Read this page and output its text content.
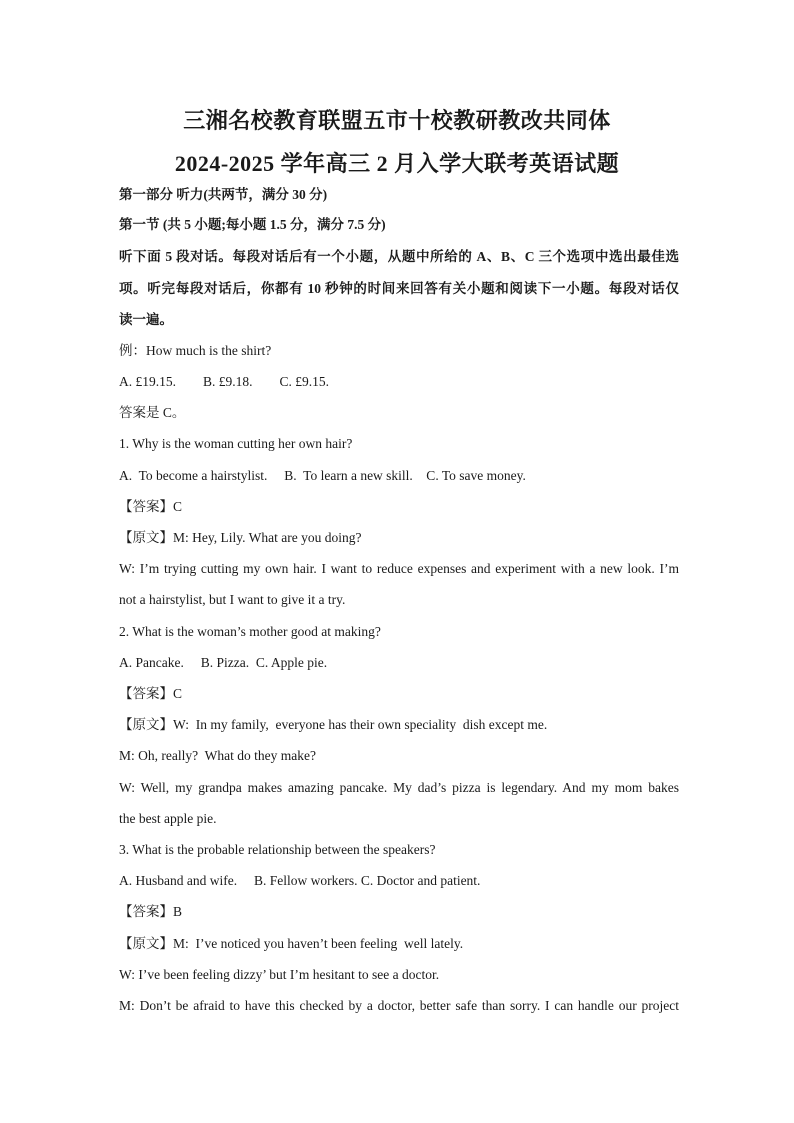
三湘名校教育联盟五市十校教研教改共同体
2024-2025 学年高三 2 月入学大联考英语试题
第一部分 听力(共两节，满分 30 分)
第一节 (共 5 小题;每小题 1.5 分，满分 7.5 分)
听下面 5 段对话。每段对话后有一个小题，从题中所给的 A、B、C 三个选项中选出最佳选
项。听完每段对话后，你都有 10 秒钟的时间来回答有关小题和阅读下一小题。每段对话仅
读一遍。
例：How much is the shirt?
A. £19.15.        B. £9.18.        C. £9.15.
答案是 C。
1. Why is the woman cutting her own hair?
A.  To become a hairstylist.     B.  To learn a new skill.    C. To save money.
【答案】C
【原文】M: Hey, Lily. What are you doing?
W: I’m trying cutting my own hair. I want to reduce expenses and experiment with a new look. I’m
not a hairstylist, but I want to give it a try.
2. What is the woman’s mother good at making?
A. Pancake.     B. Pizza.  C. Apple pie.
【答案】C
【原文】W:  In my family,  everyone has their own speciality  dish except me.
M: Oh, really?  What do they make?
W: Well, my grandpa makes amazing pancake. My dad’s pizza is legendary. And my mom bakes
the best apple pie.
3. What is the probable relationship between the speakers?
A. Husband and wife.     B. Fellow workers. C. Doctor and patient.
【答案】B
【原文】M:  I’ve noticed you haven’t been feeling  well lately.
W: I’ve been feeling dizzy’ but I’m hesitant to see a doctor.
M: Don’t be afraid to have this checked by a doctor, better safe than sorry. I can handle our project
